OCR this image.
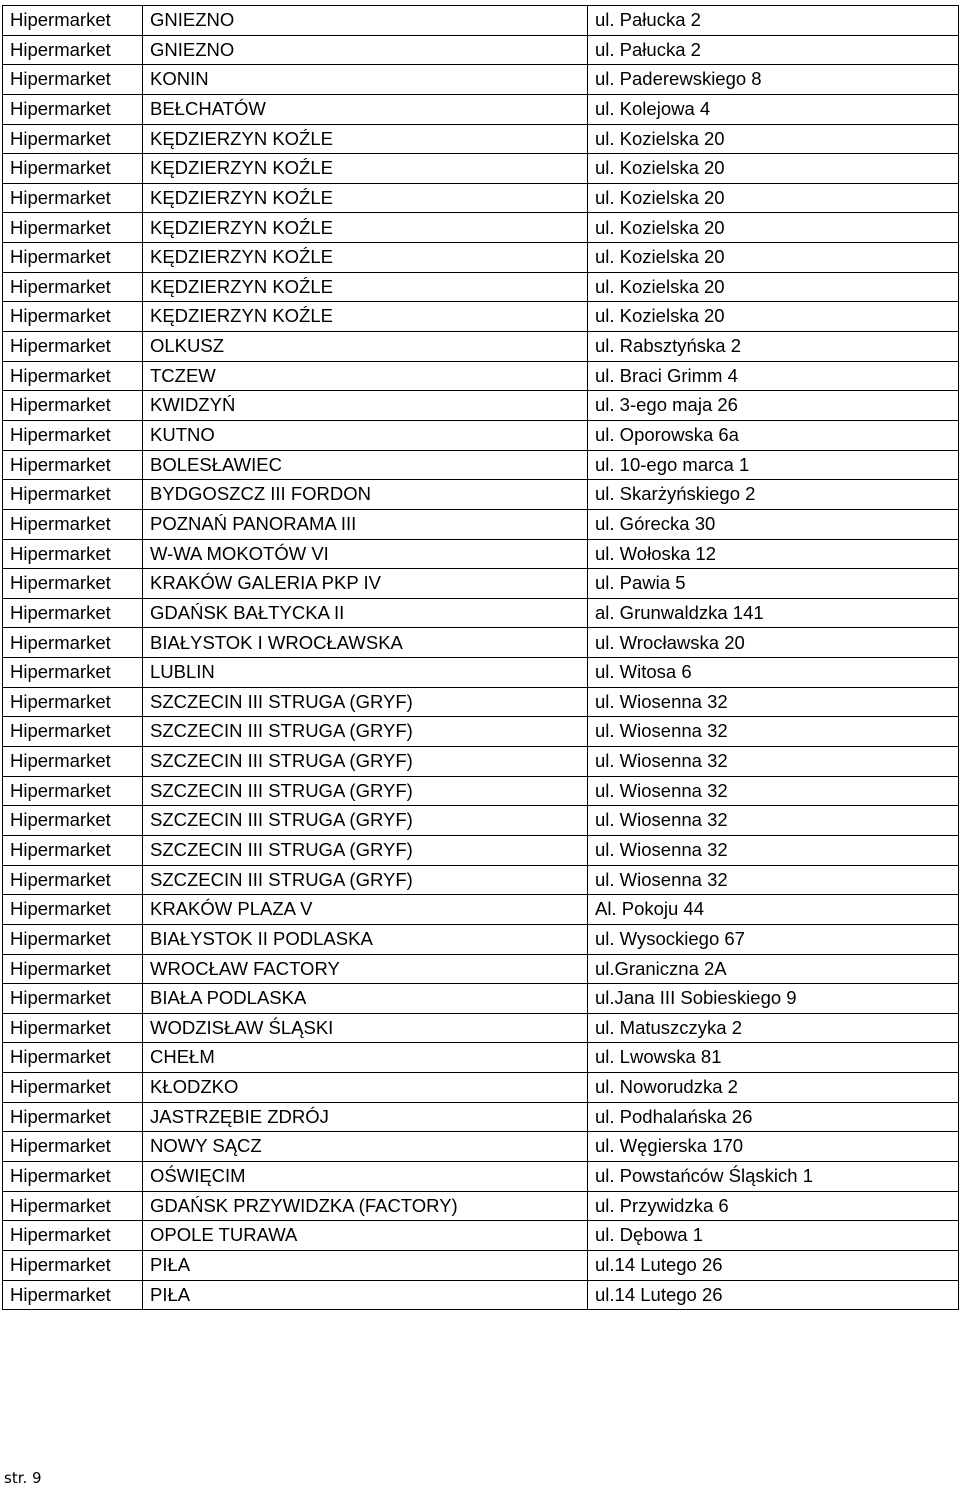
Hipermarket	GNIEZNO	ul. Pałucka 2
Hipermarket	GNIEZNO	ul. Pałucka 2
Hipermarket	KONIN	ul. Paderewskiego 8
Hipermarket	BEŁCHATÓW	ul. Kolejowa 4
Hipermarket	KĘDZIERZYN KOŹLE	ul. Kozielska 20
Hipermarket	KĘDZIERZYN KOŹLE	ul. Kozielska 20
Hipermarket	KĘDZIERZYN KOŹLE	ul. Kozielska 20
Hipermarket	KĘDZIERZYN KOŹLE	ul. Kozielska 20
Hipermarket	KĘDZIERZYN KOŹLE	ul. Kozielska 20
Hipermarket	KĘDZIERZYN KOŹLE	ul. Kozielska 20
Hipermarket	KĘDZIERZYN KOŹLE	ul. Kozielska 20
Hipermarket	OLKUSZ	ul. Rabsztyńska 2
Hipermarket	TCZEW	ul. Braci Grimm 4
Hipermarket	KWIDZYŃ	ul. 3-ego maja 26
Hipermarket	KUTNO	ul. Oporowska 6a
Hipermarket	BOLESŁAWIEC	ul. 10-ego marca 1
Hipermarket	BYDGOSZCZ III FORDON	ul. Skarżyńskiego 2
Hipermarket	POZNAŃ PANORAMA III	ul. Górecka 30
Hipermarket	W-WA MOKOTÓW VI	ul. Wołoska 12
Hipermarket	KRAKÓW GALERIA PKP IV	ul. Pawia 5
Hipermarket	GDAŃSK BAŁTYCKA II	al. Grunwaldzka 141
Hipermarket	BIAŁYSTOK I WROCŁAWSKA	ul. Wrocławska 20
Hipermarket	LUBLIN	ul. Witosa 6
Hipermarket	SZCZECIN III STRUGA (GRYF)	ul. Wiosenna 32
Hipermarket	SZCZECIN III STRUGA (GRYF)	ul. Wiosenna 32
Hipermarket	SZCZECIN III STRUGA (GRYF)	ul. Wiosenna 32
Hipermarket	SZCZECIN III STRUGA (GRYF)	ul. Wiosenna 32
Hipermarket	SZCZECIN III STRUGA (GRYF)	ul. Wiosenna 32
Hipermarket	SZCZECIN III STRUGA (GRYF)	ul. Wiosenna 32
Hipermarket	SZCZECIN III STRUGA (GRYF)	ul. Wiosenna 32
Hipermarket	KRAKÓW PLAZA V	Al. Pokoju 44
Hipermarket	BIAŁYSTOK II PODLASKA	ul. Wysockiego 67
Hipermarket	WROCŁAW FACTORY	ul.Graniczna 2A
Hipermarket	BIAŁA PODLASKA	ul.Jana III Sobieskiego 9
Hipermarket	WODZISŁAW ŚLĄSKI	ul. Matuszczyka 2
Hipermarket	CHEŁM	ul. Lwowska 81
Hipermarket	KŁODZKO	ul. Noworudzka 2
Hipermarket	JASTRZĘBIE ZDRÓJ	ul. Podhalańska 26
Hipermarket	NOWY SĄCZ	ul. Węgierska 170
Hipermarket	OŚWIĘCIM	ul. Powstańców Śląskich 1
Hipermarket	GDAŃSK PRZYWIDZKA (FACTORY)	ul. Przywidzka 6
Hipermarket	OPOLE TURAWA	ul. Dębowa 1
Hipermarket	PIŁA	ul.14 Lutego 26
Hipermarket	PIŁA	ul.14 Lutego 26
str. 9
